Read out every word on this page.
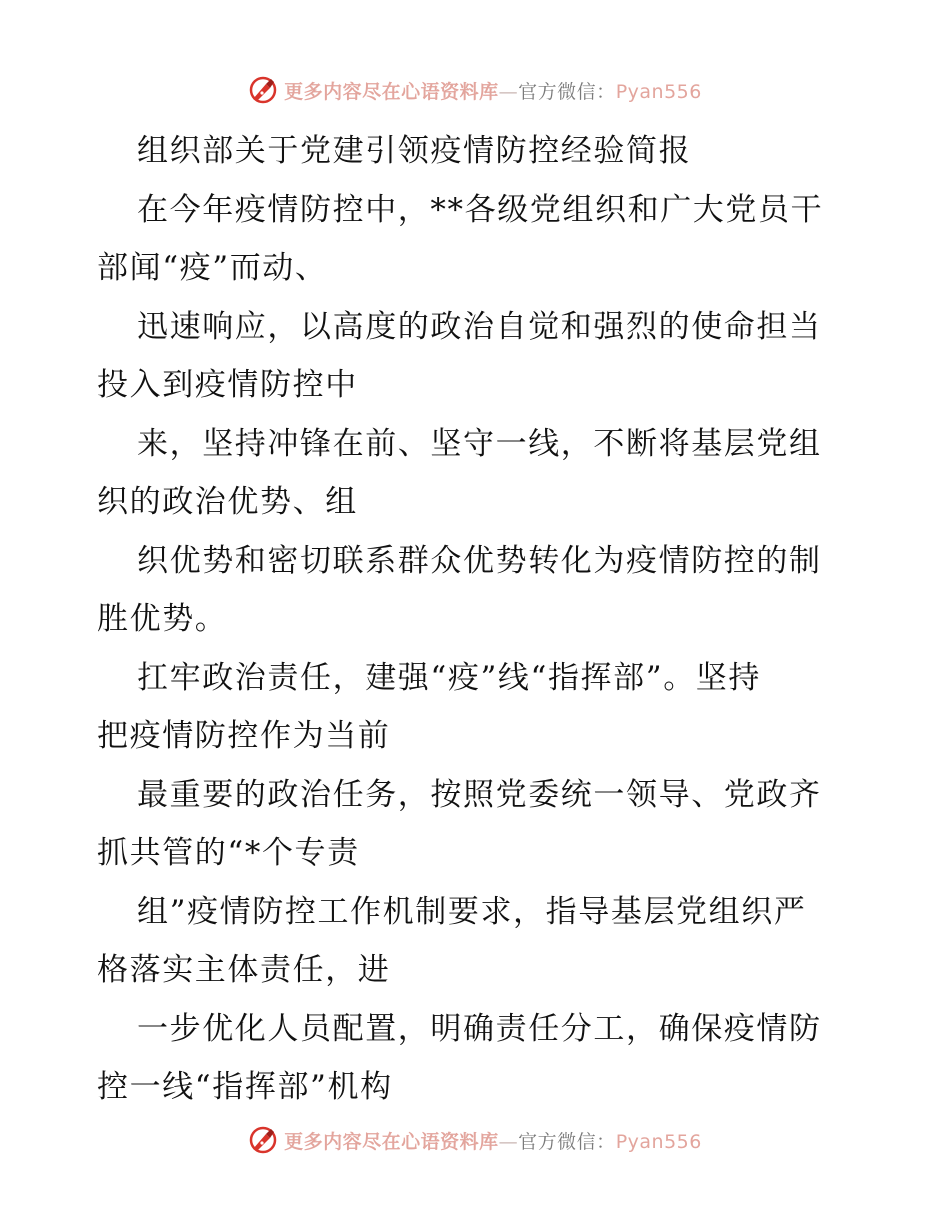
更多内容尽在心语资料库—官方微信：Pyan556
组织部关于党建引领疫情防控经验简报
在今年疫情防控中，**各级党组织和广大党员干
部闻“疫”而动、
迅速响应，以高度的政治自觉和强烈的使命担当
投入到疫情防控中
来，坚持冲锋在前、坚守一线，不断将基层党组
织的政治优势、组
织优势和密切联系群众优势转化为疫情防控的制
胜优势。
扛牢政治责任，建强“疫”线“指挥部”。坚持
把疫情防控作为当前
最重要的政治任务，按照党委统一领导、党政齐
抓共管的“*个专责
组”疫情防控工作机制要求，指导基层党组织严
格落实主体责任，进
一步优化人员配置，明确责任分工，确保疫情防
控一线“指挥部”机构
更多内容尽在心语资料库—官方微信：Pyan556
